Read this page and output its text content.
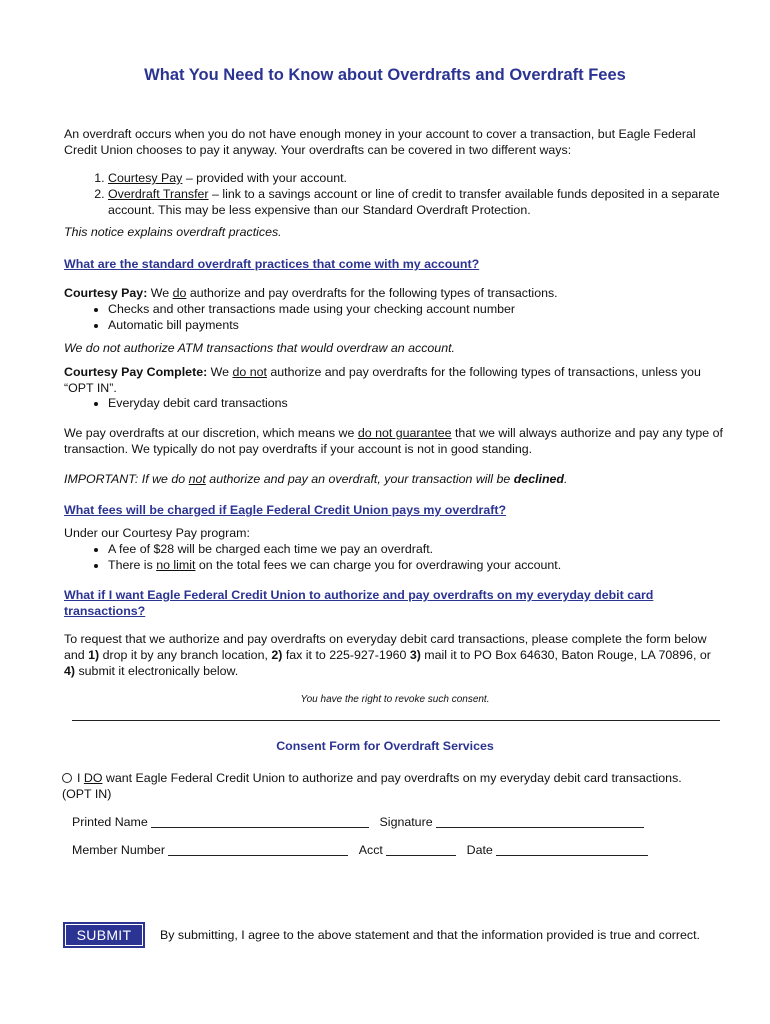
What You Need to Know about Overdrafts and Overdraft Fees

An overdraft occurs when you do not have enough money in your account to cover a transaction, but Eagle Federal Credit Union chooses to pay it anyway. Your overdrafts can be covered in two different ways:

1. Courtesy Pay – provided with your account.
2. Overdraft Transfer – link to a savings account or line of credit to transfer available funds deposited in a separate account. This may be less expensive than our Standard Overdraft Protection.

This notice explains overdraft practices.

What are the standard overdraft practices that come with my account?

Courtesy Pay: We do authorize and pay overdrafts for the following types of transactions.

• Checks and other transactions made using your checking account number
• Automatic bill payments

We do not authorize ATM transactions that would overdraw an account.

Courtesy Pay Complete: We do not authorize and pay overdrafts for the following types of transactions, unless you “OPT IN”.

• Everyday debit card transactions

We pay overdrafts at our discretion, which means we do not guarantee that we will always authorize and pay any type of transaction. We typically do not pay overdrafts if your account is not in good standing.

IMPORTANT: If we do not authorize and pay an overdraft, your transaction will be declined.

What fees will be charged if Eagle Federal Credit Union pays my overdraft?

Under our Courtesy Pay program:

• A fee of $28 will be charged each time we pay an overdraft.
• There is no limit on the total fees we can charge you for overdrawing your account.

What if I want Eagle Federal Credit Union to authorize and pay overdrafts on my everyday debit card transactions?

To request that we authorize and pay overdrafts on everyday debit card transactions, please complete the form below and 1) drop it by any branch location, 2) fax it to 225-927-1960 3) mail it to PO Box 64630, Baton Rouge, LA 70896, or 4) submit it electronically below.

You have the right to revoke such consent.
Consent Form for Overdraft Services
I DO want Eagle Federal Credit Union to authorize and pay overdrafts on my everyday debit card transactions. (OPT IN)
Printed Name	Signature
Member Number	Acct	Date
SUBMIT	By submitting, I agree to the above statement and that the information provided is true and correct.
